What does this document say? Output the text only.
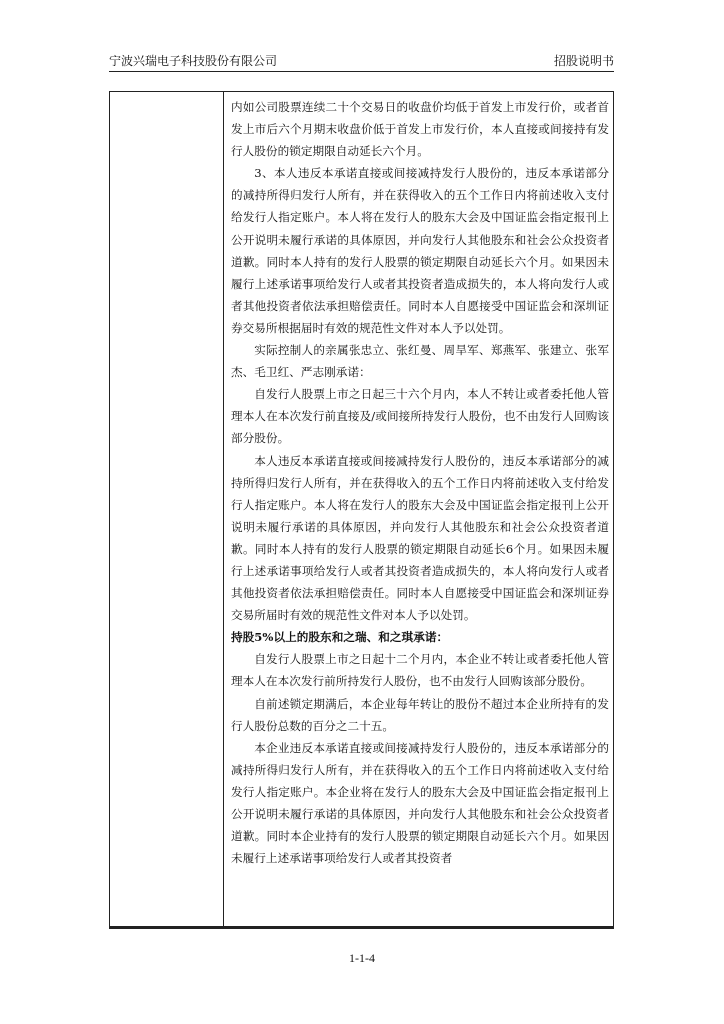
宁波兴瑞电子科技股份有限公司	招股说明书

内如公司股票连续二十个交易日的收盘价均低于首发上市发行价，或者首发上市后六个月期末收盘价低于首发上市发行价，本人直接或间接持有发行人股份的锁定期限自动延长六个月。

3、本人违反本承诺直接或间接减持发行人股份的，违反本承诺部分的减持所得归发行人所有，并在获得收入的五个工作日内将前述收入支付给发行人指定账户。本人将在发行人的股东大会及中国证监会指定报刊上公开说明未履行承诺的具体原因，并向发行人其他股东和社会公众投资者道歉。同时本人持有的发行人股票的锁定期限自动延长六个月。如果因未履行上述承诺事项给发行人或者其投资者造成损失的，本人将向发行人或者其他投资者依法承担赔偿责任。同时本人自愿接受中国证监会和深圳证券交易所根据届时有效的规范性文件对本人予以处罚。

实际控制人的亲属张忠立、张红曼、周旱军、郑燕军、张建立、张军杰、毛卫红、严志刚承诺：

自发行人股票上市之日起三十六个月内，本人不转让或者委托他人管理本人在本次发行前直接及/或间接所持发行人股份，也不由发行人回购该部分股份。

本人违反本承诺直接或间接减持发行人股份的，违反本承诺部分的减持所得归发行人所有，并在获得收入的五个工作日内将前述收入支付给发行人指定账户。本人将在发行人的股东大会及中国证监会指定报刊上公开说明未履行承诺的具体原因，并向发行人其他股东和社会公众投资者道歉。同时本人持有的发行人股票的锁定期限自动延长6个月。如果因未履行上述承诺事项给发行人或者其投资者造成损失的，本人将向发行人或者其他投资者依法承担赔偿责任。同时本人自愿接受中国证监会和深圳证券交易所届时有效的规范性文件对本人予以处罚。

持股5%以上的股东和之瑞、和之琪承诺：

自发行人股票上市之日起十二个月内，本企业不转让或者委托他人管理本人在本次发行前所持发行人股份，也不由发行人回购该部分股份。

自前述锁定期满后，本企业每年转让的股份不超过本企业所持有的发行人股份总数的百分之二十五。

本企业违反本承诺直接或间接减持发行人股份的，违反本承诺部分的减持所得归发行人所有，并在获得收入的五个工作日内将前述收入支付给发行人指定账户。本企业将在发行人的股东大会及中国证监会指定报刊上公开说明未履行承诺的具体原因，并向发行人其他股东和社会公众投资者道歉。同时本企业持有的发行人股票的锁定期限自动延长六个月。如果因未履行上述承诺事项给发行人或者其投资者

1-1-4
